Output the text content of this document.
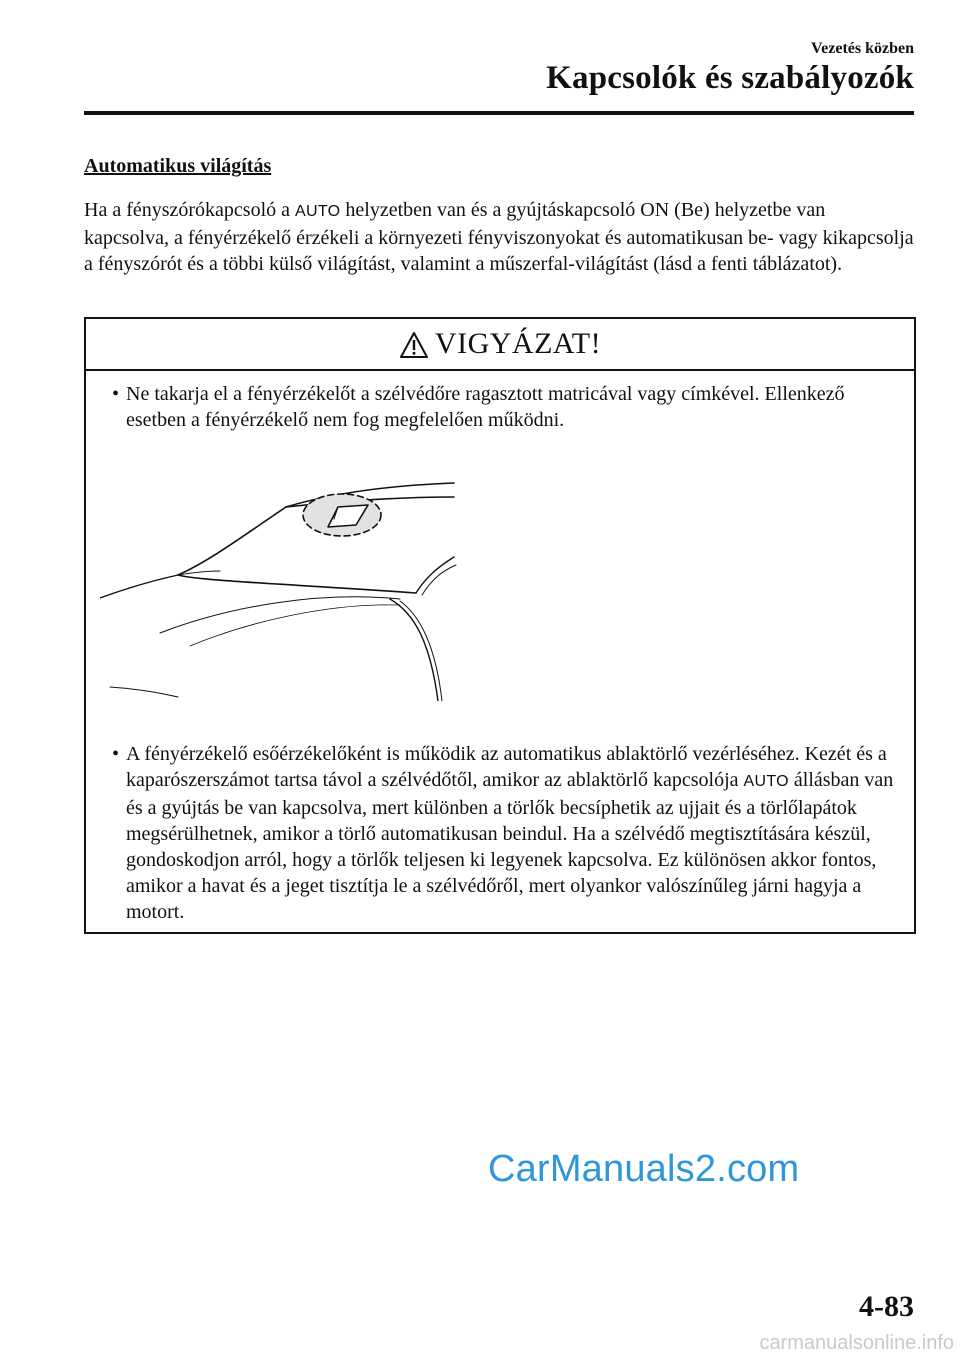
Vezetés közben
Kapcsolók és szabályozók
Automatikus világítás

Ha a fényszórókapcsoló a AUTO helyzetben van és a gyújtáskapcsoló ON (Be) helyzetbe van kapcsolva, a fényérzékelő érzékeli a környezeti fényviszonyokat és automatikusan be- vagy kikapcsolja a fényszórót és a többi külső világítást, valamint a műszerfal-világítást (lásd a fenti táblázatot).

VIGYÁZAT!
• Ne takarja el a fényérzékelőt a szélvédőre ragasztott matricával vagy címkével. Ellenkező esetben a fényérzékelő nem fog megfelelően működni.
• A fényérzékelő esőérzékelőként is működik az automatikus ablaktörlő vezérléséhez. Kezét és a kaparószerszámot tartsa távol a szélvédőtől, amikor az ablaktörlő kapcsolója AUTO állásban van és a gyújtás be van kapcsolva, mert különben a törlők becsíphetik az ujjait és a törlőlapátok megsérülhetnek, amikor a törlő automatikusan beindul. Ha a szélvédő megtisztítására készül, gondoskodjon arról, hogy a törlők teljesen ki legyenek kapcsolva. Ez különösen akkor fontos, amikor a havat és a jeget tisztítja le a szélvédőről, mert olyankor valószínűleg járni hagyja a motort.
CarManuals2.com
4-83
carmanualsonline.info
